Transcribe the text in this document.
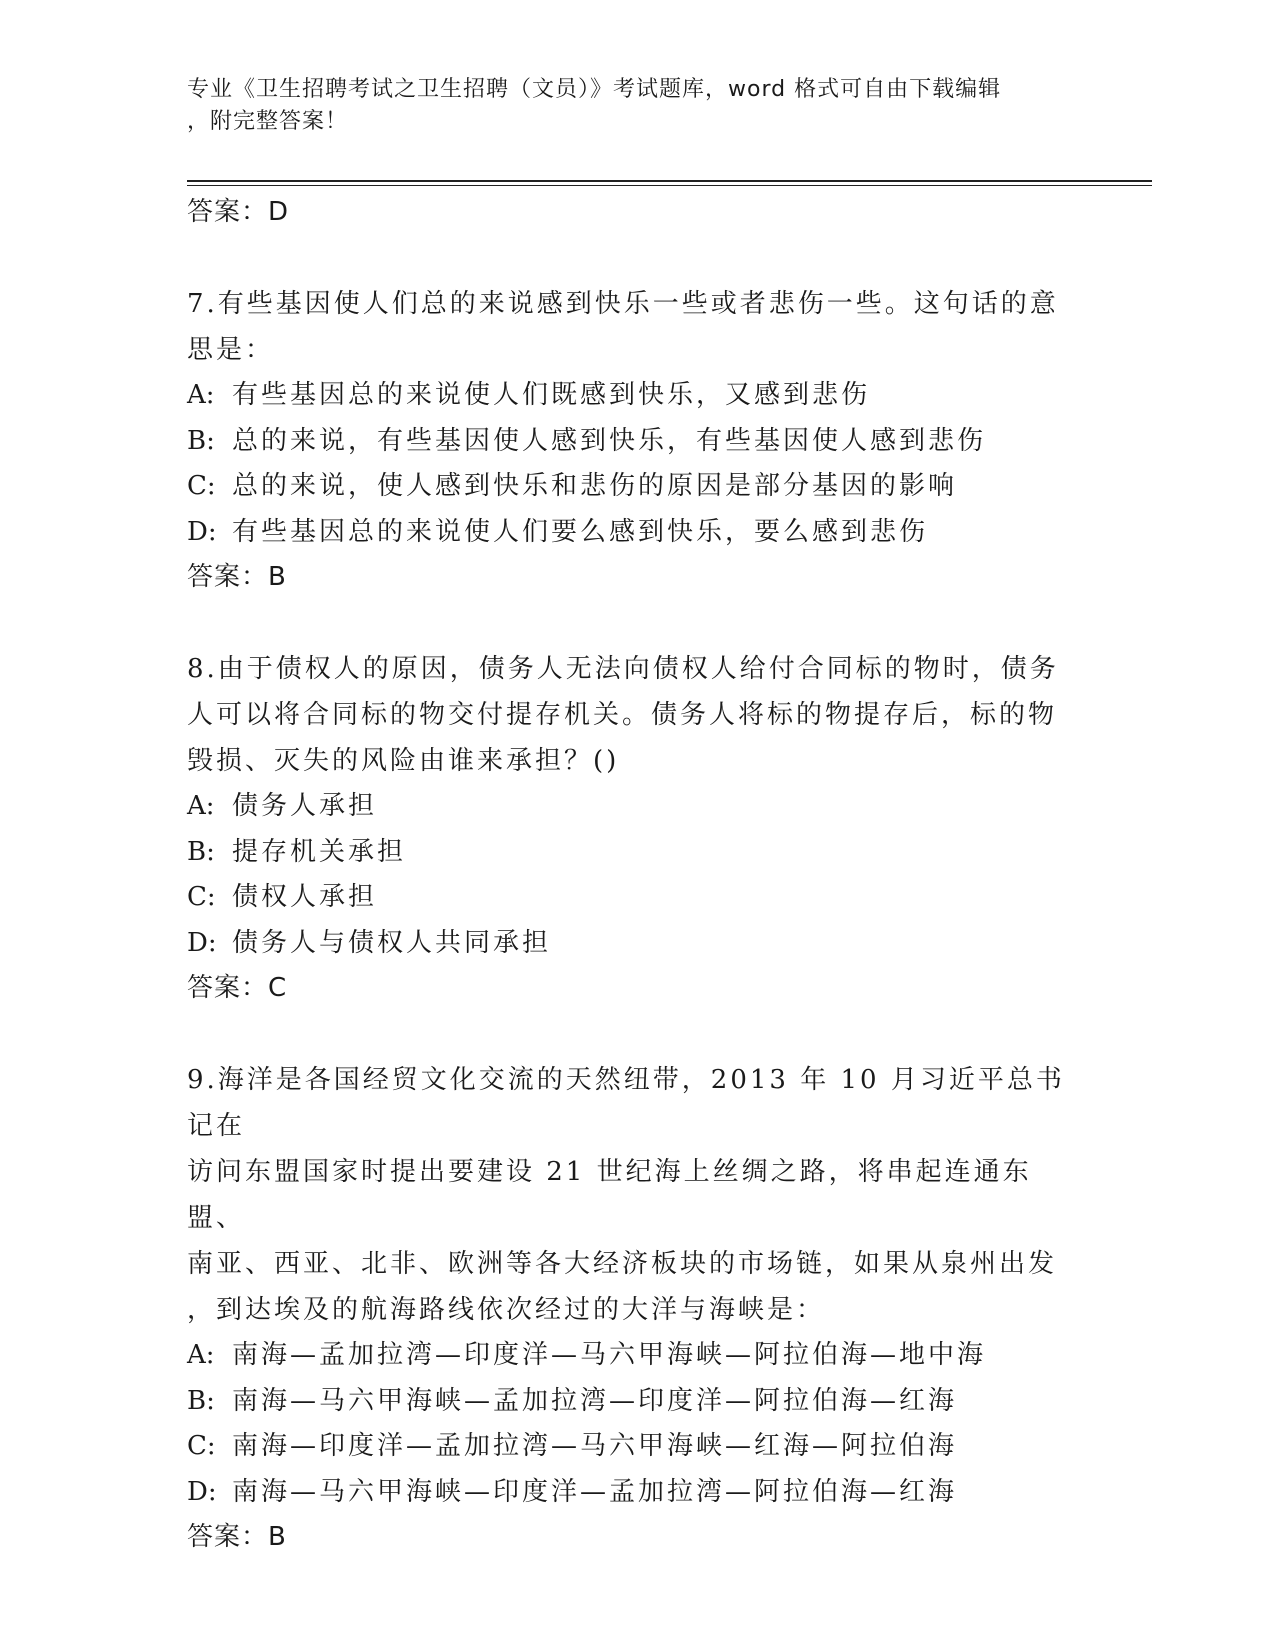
专业《卫生招聘考试之卫生招聘（文员）》考试题库，word 格式可自由下载编辑
，附完整答案！

答案：D

7.有些基因使人们总的来说感到快乐一些或者悲伤一些。这句话的意

思是：

A: 有些基因总的来说使人们既感到快乐，又感到悲伤

B: 总的来说，有些基因使人感到快乐，有些基因使人感到悲伤

C: 总的来说，使人感到快乐和悲伤的原因是部分基因的影响

D: 有些基因总的来说使人们要么感到快乐，要么感到悲伤

答案：B

8.由于债权人的原因，债务人无法向债权人给付合同标的物时，债务

人可以将合同标的物交付提存机关。债务人将标的物提存后，标的物

毁损、灭失的风险由谁来承担？()

A: 债务人承担

B: 提存机关承担

C: 债权人承担

D: 债务人与债权人共同承担

答案：C

9.海洋是各国经贸文化交流的天然纽带，2013 年 10 月习近平总书记在

访问东盟国家时提出要建设 21 世纪海上丝绸之路，将串起连通东盟、

南亚、西亚、北非、欧洲等各大经济板块的市场链，如果从泉州出发

，到达埃及的航海路线依次经过的大洋与海峡是：

A: 南海—孟加拉湾—印度洋—马六甲海峡—阿拉伯海—地中海

B: 南海—马六甲海峡—孟加拉湾—印度洋—阿拉伯海—红海

C: 南海—印度洋—孟加拉湾—马六甲海峡—红海—阿拉伯海

D: 南海—马六甲海峡—印度洋—孟加拉湾—阿拉伯海—红海

答案：B
